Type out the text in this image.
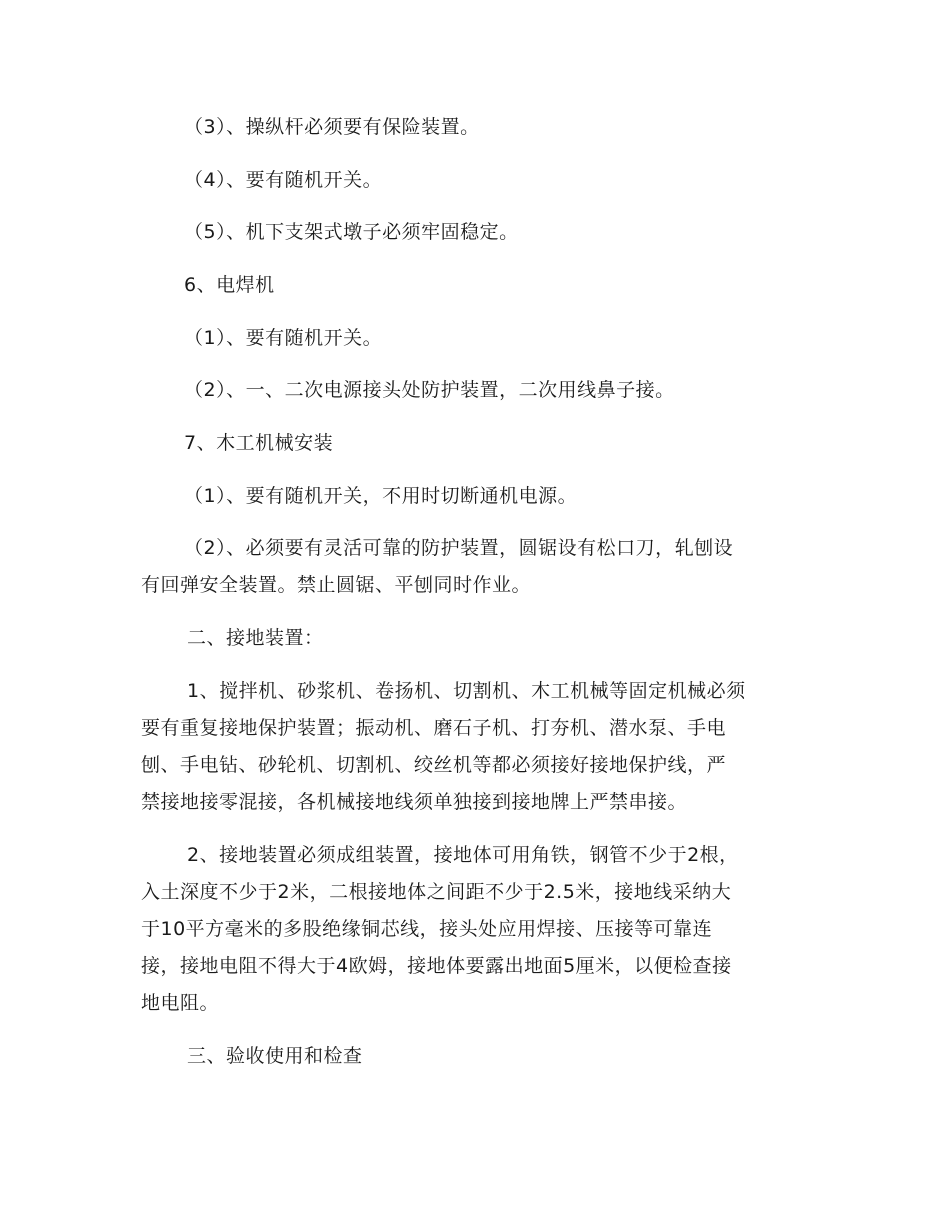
（3）、操纵杆必须要有保险装置。
（4）、要有随机开关。
（5）、机下支架式墩子必须牢固稳定。
6、电焊机
（1）、要有随机开关。
（2）、一、二次电源接头处防护装置，二次用线鼻子接。
7、木工机械安装
（1）、要有随机开关，不用时切断通机电源。
（2）、必须要有灵活可靠的防护装置，圆锯设有松口刀，轧刨设
有回弹安全装置。禁止圆锯、平刨同时作业。
二、接地装置：
1、搅拌机、砂浆机、卷扬机、切割机、木工机械等固定机械必须
要有重复接地保护装置；振动机、磨石子机、打夯机、潜水泵、手电
刨、手电钻、砂轮机、切割机、绞丝机等都必须接好接地保护线，严
禁接地接零混接，各机械接地线须单独接到接地牌上严禁串接。
2、接地装置必须成组装置，接地体可用角铁，钢管不少于2根，
入土深度不少于2米，二根接地体之间距不少于2.5米，接地线采纳大
于10平方毫米的多股绝缘铜芯线，接头处应用焊接、压接等可靠连
接，接地电阻不得大于4欧姆，接地体要露出地面5厘米，以便检查接
地电阻。
三、验收使用和检查
